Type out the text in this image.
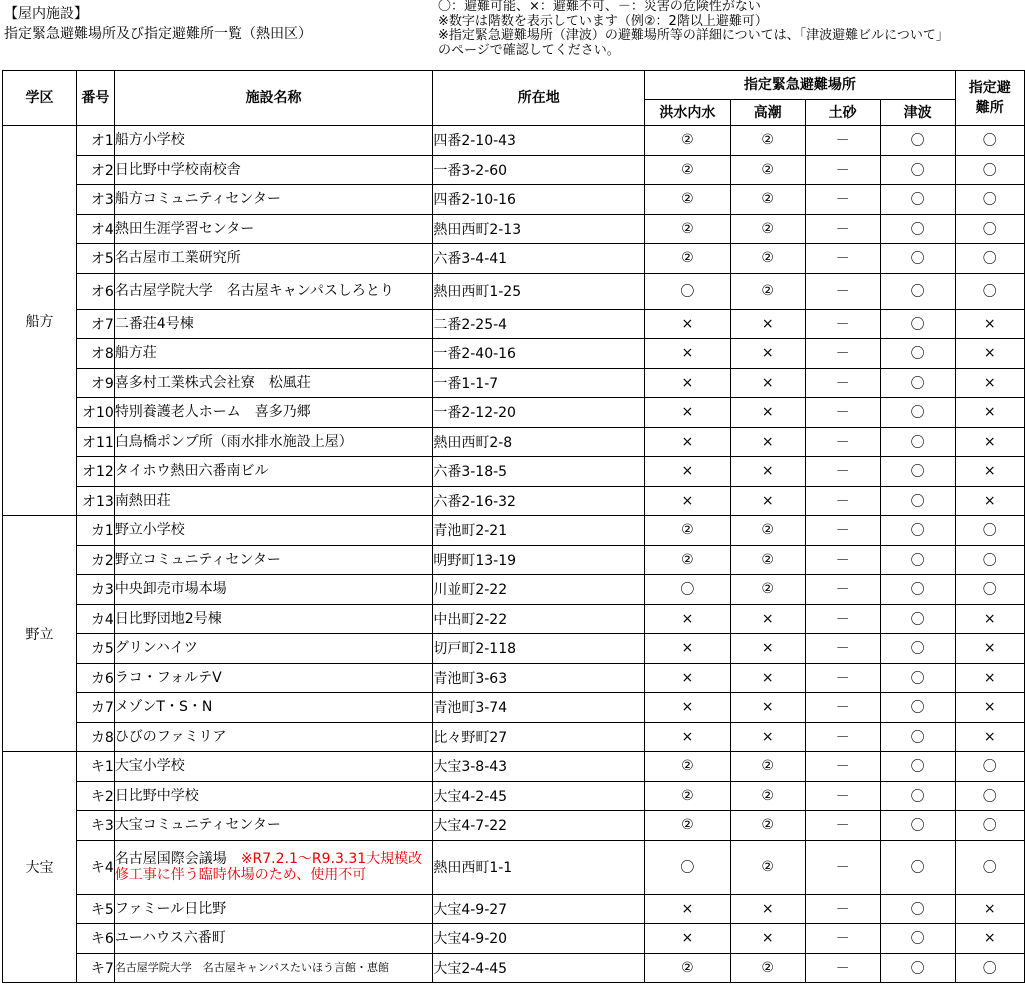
【屋内施設】
指定緊急避難場所及び指定避難所一覧（熱田区）
〇：避難可能、×：避難不可、－：災害の危険性がない
※数字は階数を表示しています（例②：2階以上避難可）
※指定緊急避難場所（津波）の避難場所等の詳細については、「津波避難ビルについて」
のページで確認してください。
学区	番号	施設名称	所在地	指定緊急避難場所				指定避難所
				洪水内水	高潮	土砂	津波	
船方	オ1	船方小学校	四番2-10-43	②	②	－	〇	〇
	オ2	日比野中学校南校舎	一番3-2-60	②	②	－	〇	〇
	オ3	船方コミュニティセンター	四番2-10-16	②	②	－	〇	〇
	オ4	熱田生涯学習センター	熱田西町2-13	②	②	－	〇	〇
	オ5	名古屋市工業研究所	六番3-4-41	②	②	－	〇	〇
	オ6	名古屋学院大学　名古屋キャンパスしろとり	熱田西町1-25	〇	②	－	〇	〇
	オ7	二番荘4号棟	二番2-25-4	×	×	－	〇	×
	オ8	船方荘	一番2-40-16	×	×	－	〇	×
	オ9	喜多村工業株式会社寮　松風荘	一番1-1-7	×	×	－	〇	×
	オ10	特別養護老人ホーム　喜多乃郷	一番2-12-20	×	×	－	〇	×
	オ11	白鳥橋ポンプ所（雨水排水施設上屋）	熱田西町2-8	×	×	－	〇	×
	オ12	タイホウ熱田六番南ビル	六番3-18-5	×	×	－	〇	×
	オ13	南熱田荘	六番2-16-32	×	×	－	〇	×
野立	カ1	野立小学校	青池町2-21	②	②	－	〇	〇
	カ2	野立コミュニティセンター	明野町13-19	②	②	－	〇	〇
	カ3	中央卸売市場本場	川並町2-22	〇	②	－	〇	〇
	カ4	日比野団地2号棟	中出町2-22	×	×	－	〇	×
	カ5	グリンハイツ	切戸町2-118	×	×	－	〇	×
	カ6	ラコ・フォルテV	青池町3-63	×	×	－	〇	×
	カ7	メゾンT・S・N	青池町3-74	×	×	－	〇	×
	カ8	ひびのファミリア	比々野町27	×	×	－	〇	×
大宝	キ1	大宝小学校	大宝3-8-43	②	②	－	〇	〇
	キ2	日比野中学校	大宝4-2-45	②	②	－	〇	〇
	キ3	大宝コミュニティセンター	大宝4-7-22	②	②	－	〇	〇
	キ4	名古屋国際会議場　※R7.2.1～R9.3.31大規模改修工事に伴う臨時休場のため、使用不可	熱田西町1-1	〇	②	－	〇	〇
	キ5	ファミール日比野	大宝4-9-27	×	×	－	〇	×
	キ6	ユーハウス六番町	大宝4-9-20	×	×	－	〇	×
	キ7	名古屋学院大学　名古屋キャンパスたいほう言館・恵館	大宝2-4-45	②	②	－	〇	〇
